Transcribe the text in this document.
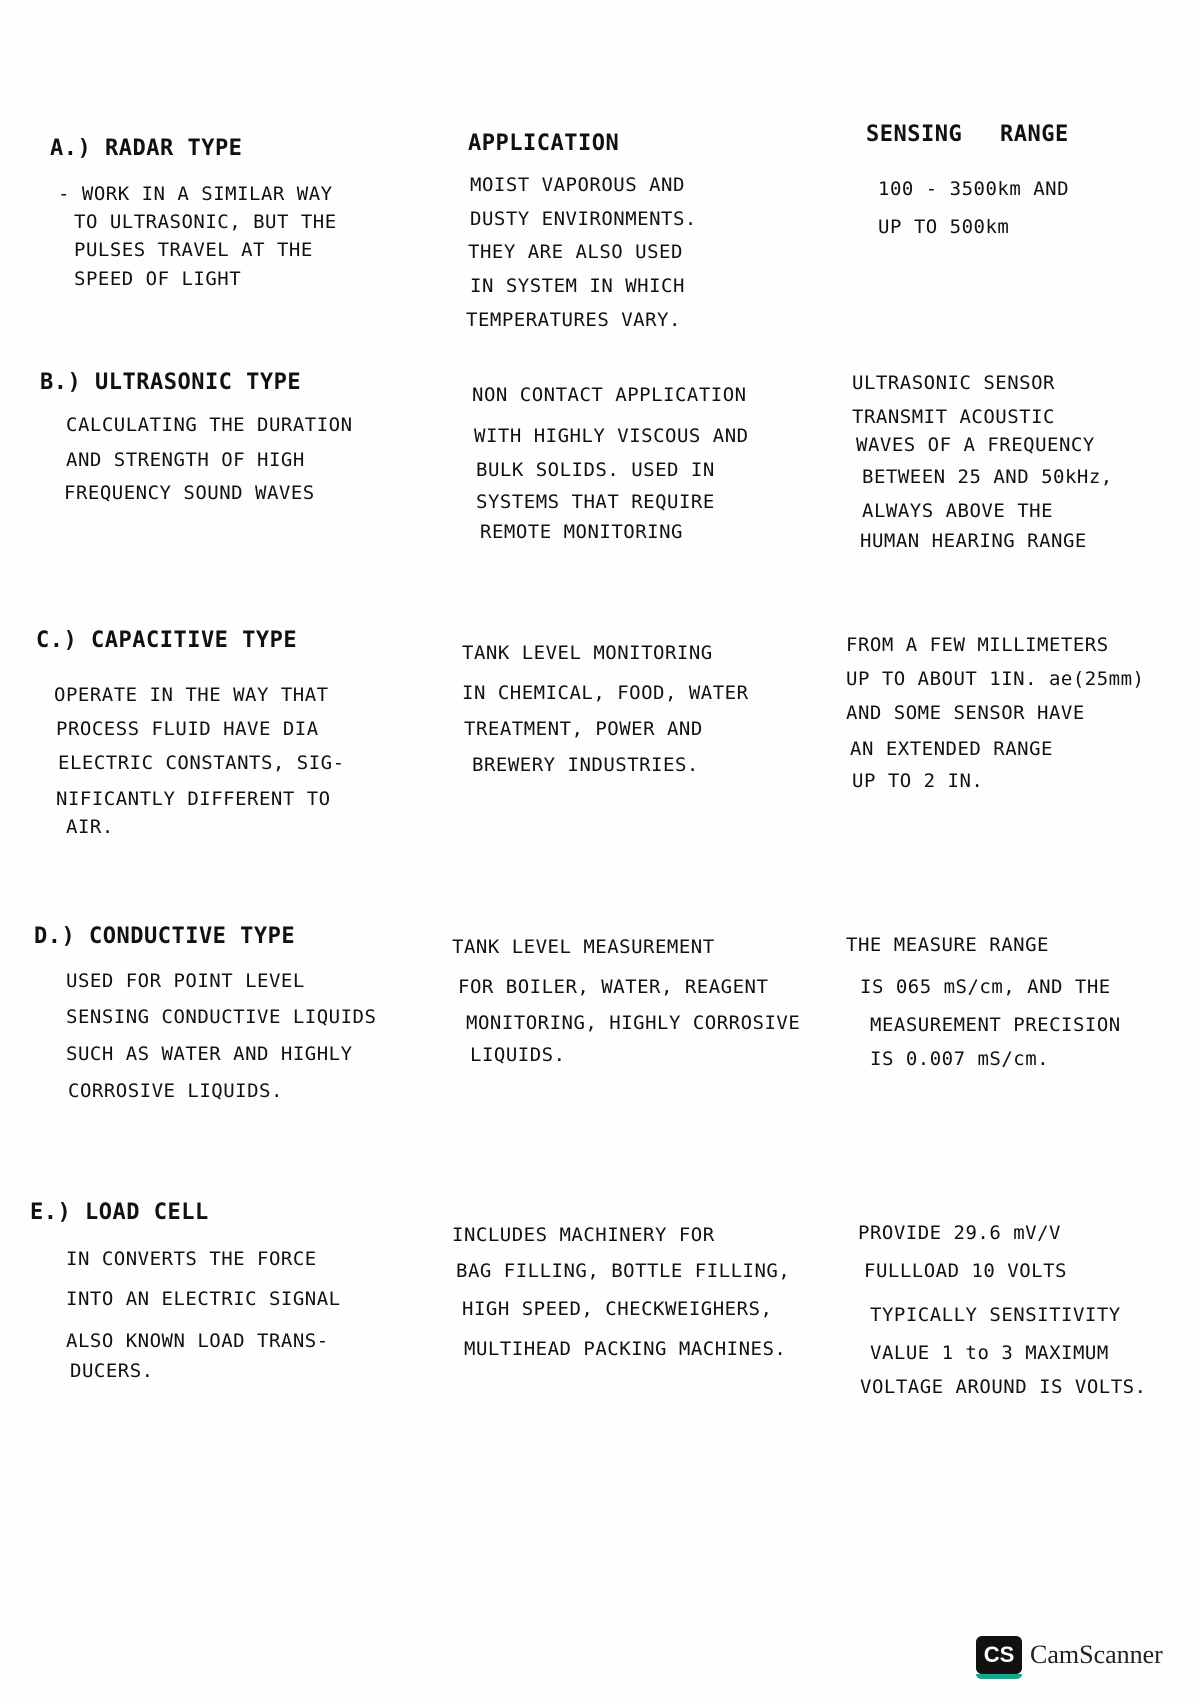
APPLICATION	SENSING RANGE
A.) RADAR TYPE
- WORK IN A SIMILAR WAY
TO ULTRASONIC, BUT THE
PULSES TRAVEL AT THE
SPEED OF LIGHT
MOIST VAPOROUS AND
DUSTY ENVIRONMENTS.
THEY ARE ALSO USED
IN SYSTEM IN WHICH
TEMPERATURES VARY.
100 - 3500km AND
UP TO 500km
B.) ULTRASONIC TYPE
CALCULATING THE DURATION
AND STRENGTH OF HIGH
FREQUENCY SOUND WAVES
NON CONTACT APPLICATION
WITH HIGHLY VISCOUS AND
BULK SOLIDS. USED IN
SYSTEMS THAT REQUIRE
REMOTE MONITORING
ULTRASONIC SENSOR
TRANSMIT ACOUSTIC
WAVES OF A FREQUENCY
BETWEEN 25 AND 50kHz,
ALWAYS ABOVE THE
HUMAN HEARING RANGE
C.) CAPACITIVE TYPE
OPERATE IN THE WAY THAT
PROCESS FLUID HAVE DIA
ELECTRIC CONSTANTS, SIG-
NIFICANTLY DIFFERENT TO
AIR.
TANK LEVEL MONITORING
IN CHEMICAL, FOOD, WATER
TREATMENT, POWER AND
BREWERY INDUSTRIES.
FROM A FEW MILLIMETERS
UP TO ABOUT 1IN. ae(25mm)
AND SOME SENSOR HAVE
AN EXTENDED RANGE
UP TO 2 IN.
D.) CONDUCTIVE TYPE
USED FOR POINT LEVEL
SENSING CONDUCTIVE LIQUIDS
SUCH AS WATER AND HIGHLY
CORROSIVE LIQUIDS.
TANK LEVEL MEASUREMENT
FOR BOILER, WATER, REAGENT
MONITORING, HIGHLY CORROSIVE
LIQUIDS.
THE MEASURE RANGE
IS 065 mS/cm, AND THE
MEASUREMENT PRECISION
IS 0.007 mS/cm.
E.) LOAD CELL
IN CONVERTS THE FORCE
INTO AN ELECTRIC SIGNAL
ALSO KNOWN LOAD TRANS-
DUCERS.
INCLUDES MACHINERY FOR
BAG FILLING, BOTTLE FILLING,
HIGH SPEED, CHECKWEIGHERS,
MULTIHEAD PACKING MACHINES.
PROVIDE 29.6 mV/V
FULLLOAD 10 VOLTS
TYPICALLY SENSITIVITY
VALUE 1 to 3 MAXIMUM
VOLTAGE AROUND IS VOLTS.
CS CamScanner
